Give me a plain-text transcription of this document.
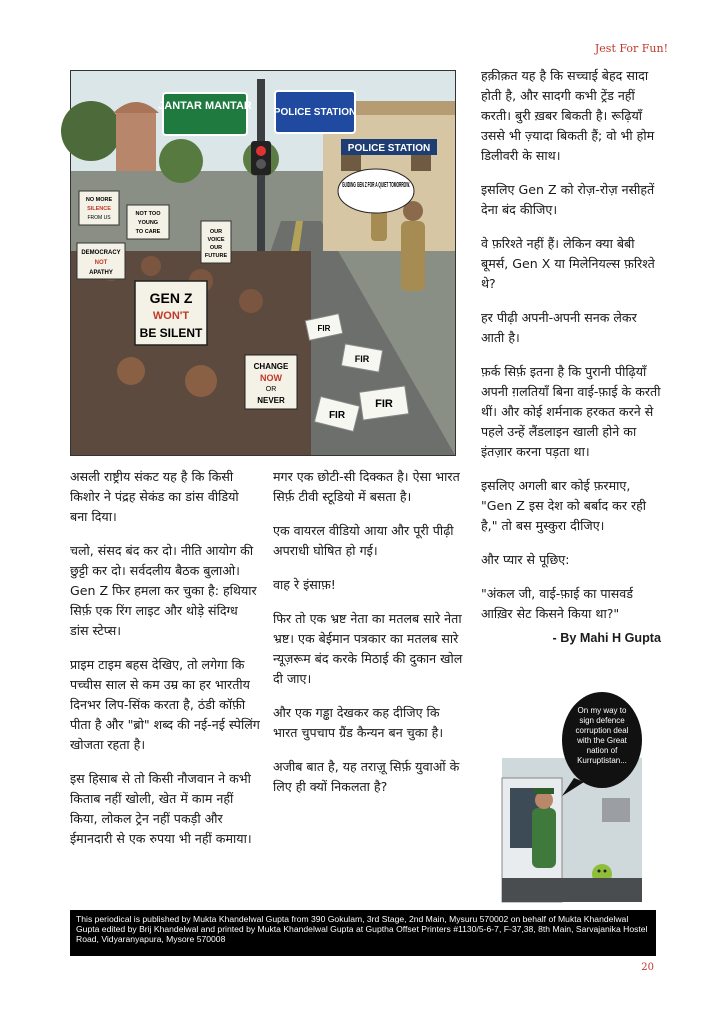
Jest For Fun!
POLICE STATION
JANTAR MANTAR
POLICE STATION
GUIDING GEN Z FOR A QUIET TOMORROW.
NO MORE
SILENCE
FROM US
NOT TOO
YOUNG
TO CARE	OUR
VOICE
OUR
FUTURE
DEMOCRACY
NOT
APATHY
GEN Z
WON'T
BE SILENT
CHANGE
NOW
OR
NEVER
FIR
FIR
FIR
FIR

असली राष्ट्रीय संकट यह है कि किसी किशोर ने पंद्रह सेकंड का डांस वीडियो बना दिया।

चलो, संसद बंद कर दो। नीति आयोग की छुट्टी कर दो। सर्वदलीय बैठक बुलाओ। Gen Z फिर हमला कर चुका है: हथियार सिर्फ़ एक रिंग लाइट और थोड़े संदिग्ध डांस स्टेप्स।

प्राइम टाइम बहस देखिए, तो लगेगा कि पच्चीस साल से कम उम्र का हर भारतीय दिनभर लिप-सिंक करता है, ठंडी कॉफ़ी पीता है और "ब्रो" शब्द की नई-नई स्पेलिंग खोजता रहता है।

इस हिसाब से तो किसी नौजवान ने कभी किताब नहीं खोली, खेत में काम नहीं किया, लोकल ट्रेन नहीं पकड़ी और ईमानदारी से एक रुपया भी नहीं कमाया।

मगर एक छोटी-सी दिक्कत है। ऐसा भारत सिर्फ़ टीवी स्टूडियो में बसता है।

एक वायरल वीडियो आया और पूरी पीढ़ी अपराधी घोषित हो गई।

वाह रे इंसाफ़!

फिर तो एक भ्रष्ट नेता का मतलब सारे नेता भ्रष्ट। एक बेईमान पत्रकार का मतलब सारे न्यूज़रूम बंद करके मिठाई की दुकान खोल दी जाए।

और एक गड्ढा देखकर कह दीजिए कि भारत चुपचाप ग्रैंड कैन्यन बन चुका है।

अजीब बात है, यह तराज़ू सिर्फ़ युवाओं के लिए ही क्यों निकलता है?

हक़ीक़त यह है कि सच्चाई बेहद सादा होती है, और सादगी कभी ट्रेंड नहीं करती। बुरी ख़बर बिकती है। रूढ़ियाँ उससे भी ज़्यादा बिकती हैं; वो भी होम डिलीवरी के साथ।

इसलिए Gen Z को रोज़-रोज़ नसीहतें देना बंद कीजिए।

वे फ़रिश्ते नहीं हैं। लेकिन क्या बेबी बूमर्स, Gen X या मिलेनियल्स फ़रिश्ते थे?

हर पीढ़ी अपनी-अपनी सनक लेकर आती है।

फ़र्क सिर्फ़ इतना है कि पुरानी पीढ़ियाँ अपनी ग़लतियाँ बिना वाई-फ़ाई के करती थीं। और कोई शर्मनाक हरकत करने से पहले उन्हें लैंडलाइन खाली होने का इंतज़ार करना पड़ता था।

इसलिए अगली बार कोई फ़रमाए, "Gen Z इस देश को बर्बाद कर रही है," तो बस मुस्कुरा दीजिए।

और प्यार से पूछिए:

"अंकल जी, वाई-फ़ाई का पासवर्ड आख़िर सेट किसने किया था?"

- By Mahi H Gupta
On my way to sign defence corruption deal with the Great nation of Kurruptistan...
This periodical is published by Mukta Khandelwal Gupta from 390 Gokulam, 3rd Stage, 2nd Main, Mysuru 570002 on behalf of Mukta Khandelwal Gupta edited by Brij Khandelwal and printed by Mukta Khandelwal Gupta at Guptha Offset Printers #1130/5-6-7, F-37,38, 8th Main, Sarvajanika Hostel Road, Vidyaranyapura, Mysore 570008
20
